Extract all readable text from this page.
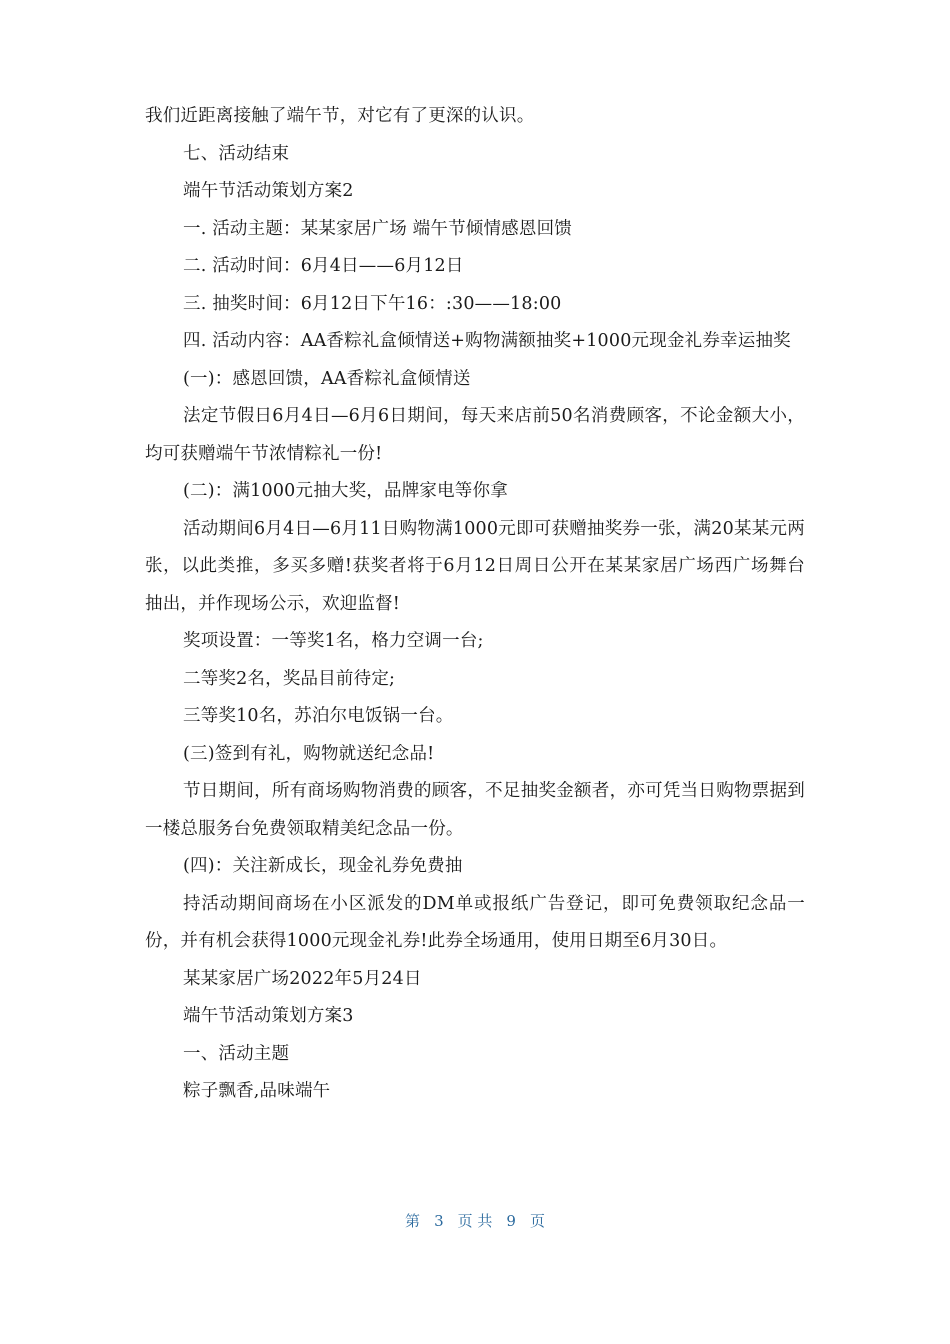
我们近距离接触了端午节，对它有了更深的认识。

七、活动结束

端午节活动策划方案2

一. 活动主题：某某家居广场 端午节倾情感恩回馈

二. 活动时间：6月4日——6月12日

三. 抽奖时间：6月12日下午16：:30——18:00

四. 活动内容：AA香粽礼盒倾情送+购物满额抽奖+1000元现金礼券幸运抽奖

(一)：感恩回馈，AA香粽礼盒倾情送

法定节假日6月4日—6月6日期间，每天来店前50名消费顾客，不论金额大小，均可获赠端午节浓情粽礼一份!

(二)：满1000元抽大奖，品牌家电等你拿

活动期间6月4日—6月11日购物满1000元即可获赠抽奖券一张，满20某某元两张，以此类推，多买多赠!获奖者将于6月12日周日公开在某某家居广场西广场舞台抽出，并作现场公示，欢迎监督!

奖项设置：一等奖1名，格力空调一台;

二等奖2名，奖品目前待定;

三等奖10名，苏泊尔电饭锅一台。

(三)签到有礼，购物就送纪念品!

节日期间，所有商场购物消费的顾客，不足抽奖金额者，亦可凭当日购物票据到一楼总服务台免费领取精美纪念品一份。

(四)：关注新成长，现金礼券免费抽

持活动期间商场在小区派发的DM单或报纸广告登记，即可免费领取纪念品一份，并有机会获得1000元现金礼券!此券全场通用，使用日期至6月30日。

某某家居广场2022年5月24日

端午节活动策划方案3

一、活动主题

粽子飘香,品味端午

第 3 页 共 9 页
